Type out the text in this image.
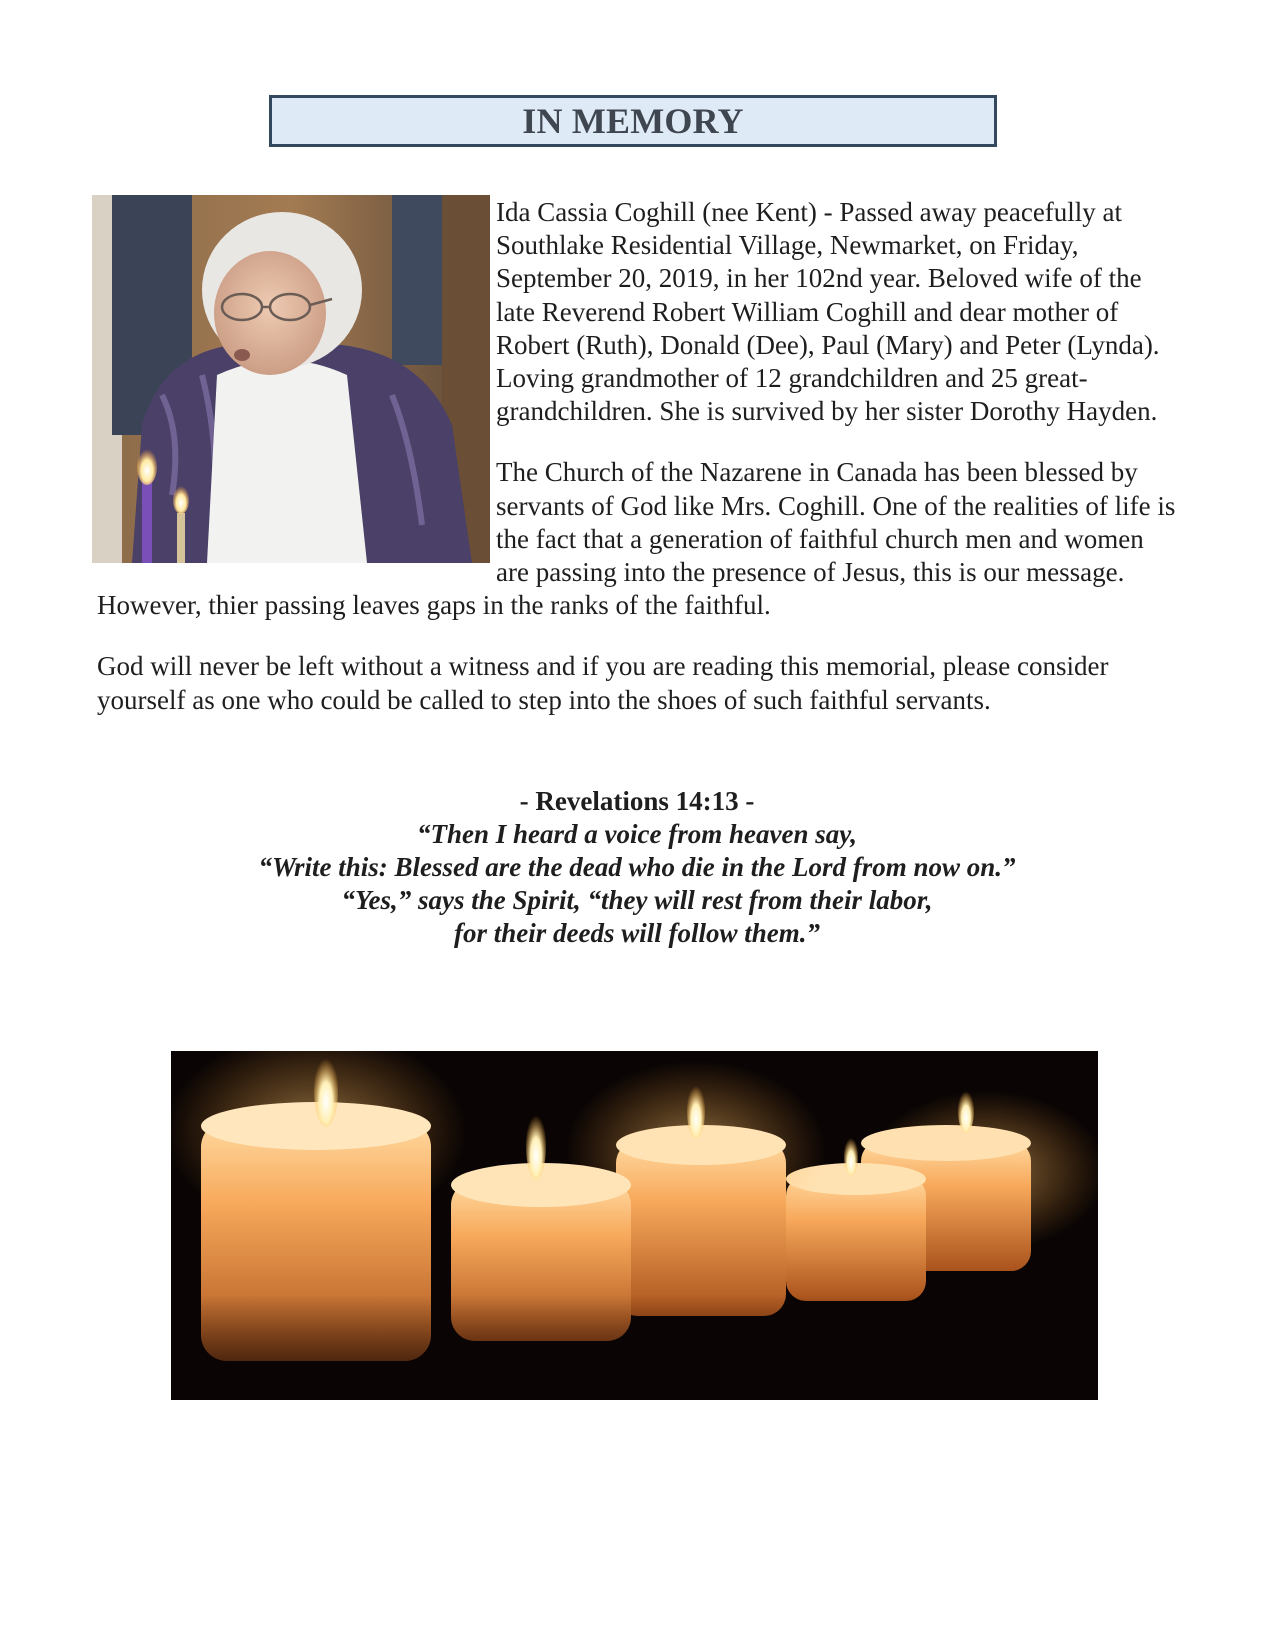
IN MEMORY

Ida Cassia Coghill (nee Kent) - Passed away peacefully at Southlake Residential Village, Newmarket, on Friday, September 20, 2019, in her 102nd year. Beloved wife of the late Reverend Robert William Coghill and dear mother of Robert (Ruth), Donald (Dee), Paul (Mary) and Peter (Lynda). Loving grandmother of 12 grandchildren and 25 great-grandchildren. She is survived by her sister Dorothy Hayden.

The Church of the Nazarene in Canada has been blessed by servants of God like Mrs. Coghill. One of the realities of life is the fact that a generation of faithful church men and women are passing into the presence of Jesus, this is our message. However, thier passing leaves gaps in the ranks of the faithful.

God will never be left without a witness and if you are reading this memorial, please consider yourself as one who could be called to step into the shoes of such faithful servants.

- Revelations 14:13 -
“Then I heard a voice from heaven say,
“Write this: Blessed are the dead who die in the Lord from now on.”
“Yes,” says the Spirit, “they will rest from their labor,
for their deeds will follow them.”
